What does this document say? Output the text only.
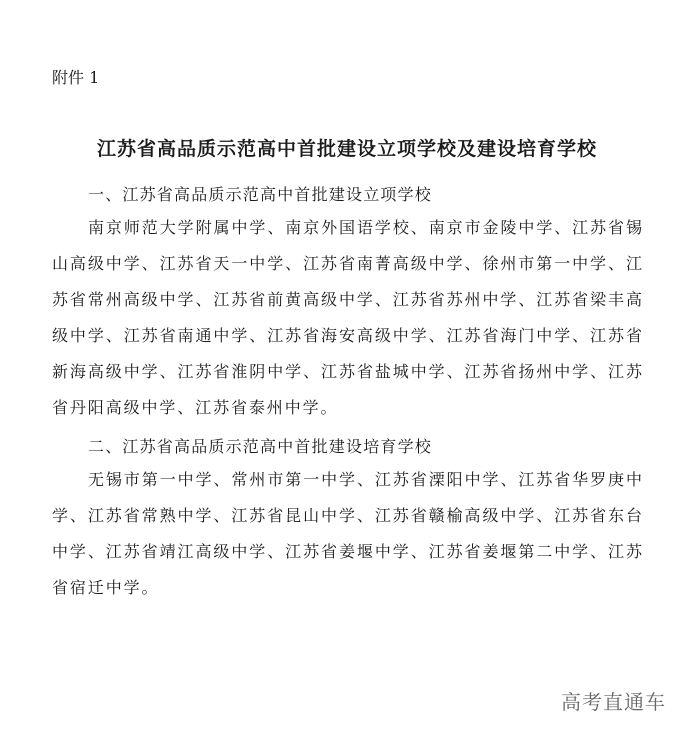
附件 1
江苏省高品质示范高中首批建设立项学校及建设培育学校
一、江苏省高品质示范高中首批建设立项学校
南京师范大学附属中学、南京外国语学校、南京市金陵中学、江苏省锡
山高级中学、江苏省天一中学、江苏省南菁高级中学、徐州市第一中学、江
苏省常州高级中学、江苏省前黄高级中学、江苏省苏州中学、江苏省梁丰高
级中学、江苏省南通中学、江苏省海安高级中学、江苏省海门中学、江苏省
新海高级中学、江苏省淮阴中学、江苏省盐城中学、江苏省扬州中学、江苏
省丹阳高级中学、江苏省泰州中学。
二、江苏省高品质示范高中首批建设培育学校
无锡市第一中学、常州市第一中学、江苏省溧阳中学、江苏省华罗庚中
学、江苏省常熟中学、江苏省昆山中学、江苏省赣榆高级中学、江苏省东台
中学、江苏省靖江高级中学、江苏省姜堰中学、江苏省姜堰第二中学、江苏
省宿迁中学。
高考直通车
